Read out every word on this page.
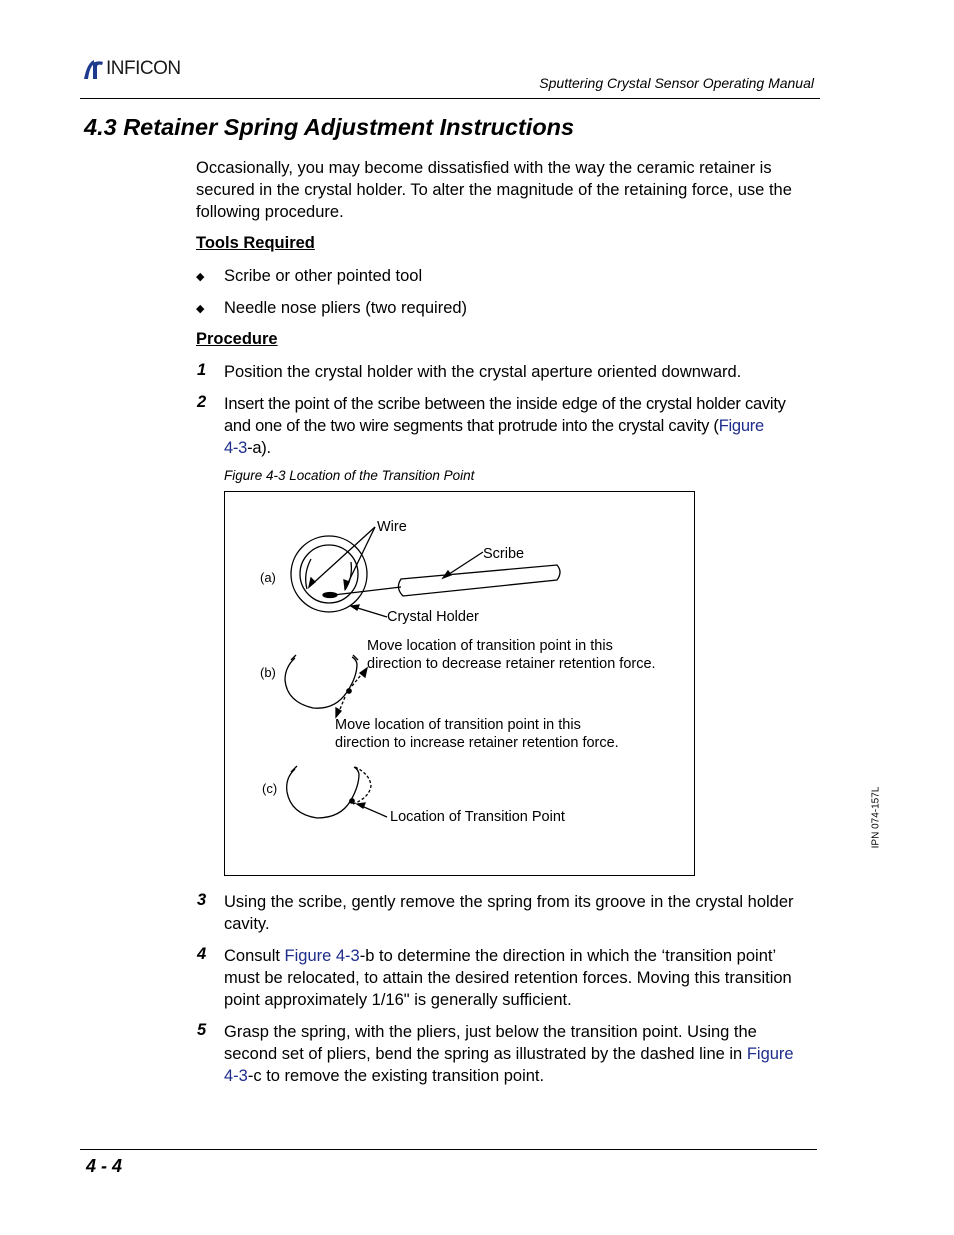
INFICON
Sputtering Crystal Sensor Operating Manual
4.3 Retainer Spring Adjustment Instructions
Occasionally, you may become dissatisfied with the way the ceramic retainer is
secured in the crystal holder. To alter the magnitude of the retaining force, use the
following procedure.
Tools Required
◆ Scribe or other pointed tool
◆ Needle nose pliers (two required)
Procedure
1 Position the crystal holder with the crystal aperture oriented downward.
2 Insert the point of the scribe between the inside edge of the crystal holder cavity
and one of the two wire segments that protrude into the crystal cavity (Figure
4-3-a).
Figure 4-3 Location of the Transition Point
Wire
Scribe
Crystal Holder
(a)
(b)
(c)
Move location of transition point in this
direction to decrease retainer retention force.
Move location of transition point in this
direction to increase retainer retention force.
Location of Transition Point	IPN 074-157L
3 Using the scribe, gently remove the spring from its groove in the crystal holder
cavity.
4 Consult Figure 4-3-b to determine the direction in which the ‘transition point’
must be relocated, to attain the desired retention forces. Moving this transition
point approximately 1/16" is generally sufficient.
5 Grasp the spring, with the pliers, just below the transition point. Using the
second set of pliers, bend the spring as illustrated by the dashed line in Figure
4-3-c to remove the existing transition point.
4 - 4
